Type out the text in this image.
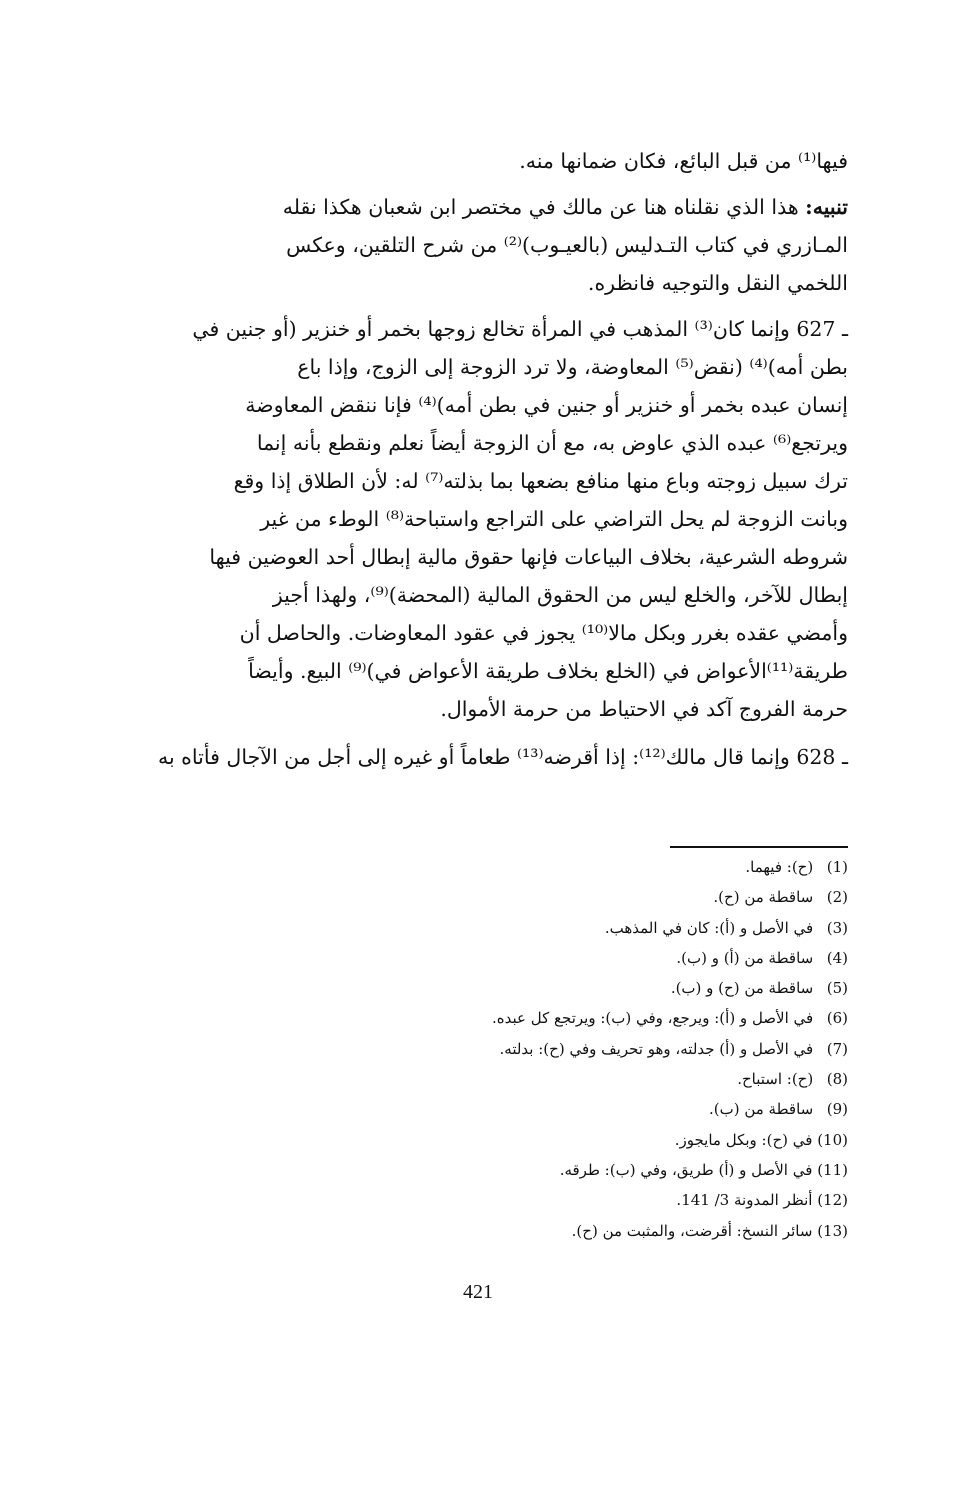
فيها⁽¹⁾ من قبل البائع، فكان ضمانها منه.

تنبيه: هذا الذي نقلناه هنا عن مالك في مختصر ابن شعبان هكذا نقله

المـازري في كتاب التـدليس (بالعيـوب)⁽²⁾ من شرح التلقين، وعكس

اللخمي النقل والتوجيه فانظره.

627 ـ وإنما كان⁽³⁾ المذهب في المرأة تخالع زوجها بخمر أو خنزير (أو جنين في

بطن أمه)⁽⁴⁾ (نقض⁽⁵⁾ المعاوضة، ولا ترد الزوجة إلى الزوج، وإذا باع

إنسان عبده بخمر أو خنزير أو جنين في بطن أمه)⁽⁴⁾ فإنا ننقض المعاوضة

ويرتجع⁽⁶⁾ عبده الذي عاوض به، مع أن الزوجة أيضاً نعلم ونقطع بأنه إنما

ترك سبيل زوجته وباع منها منافع بضعها بما بذلته⁽⁷⁾ له: لأن الطلاق إذا وقع

وبانت الزوجة لم يحل التراضي على التراجع واستباحة⁽⁸⁾ الوطء من غير

شروطه الشرعية، بخلاف البياعات فإنها حقوق مالية إبطال أحد العوضين فيها

إبطال للآخر، والخلع ليس من الحقوق المالية (المحضة)⁽⁹⁾، ولهذا أجيز

وأمضي عقده بغرر وبكل مالا⁽¹⁰⁾ يجوز في عقود المعاوضات. والحاصل أن

طريقة⁽¹¹⁾الأعواض في (الخلع بخلاف طريقة الأعواض في)⁽⁹⁾ البيع. وأيضاً

حرمة الفروج آكد في الاحتياط من حرمة الأموال.

628 ـ وإنما قال مالك⁽¹²⁾: إذا أقرضه⁽¹³⁾ طعاماً أو غيره إلى أجل من الآجال فأتاه به

(1) (ح): فيهما.

(2) ساقطة من (ح).

(3) في الأصل و (أ): كان في المذهب.

(4) ساقطة من (أ) و (ب).

(5) ساقطة من (ح) و (ب).

(6) في الأصل و (أ): ويرجع، وفي (ب): ويرتجع كل عبده.

(7) في الأصل و (أ) جدلته، وهو تحريف وفي (ح): بدلته.

(8) (ح): استباح.

(9) ساقطة من (ب).

(10) في (ح): وبكل مايجوز.

(11) في الأصل و (أ) طريق، وفي (ب): طرقه.

(12) أنظر المدونة 3/ 141.

(13) سائر النسخ: أقرضت، والمثبت من (ح).

421
